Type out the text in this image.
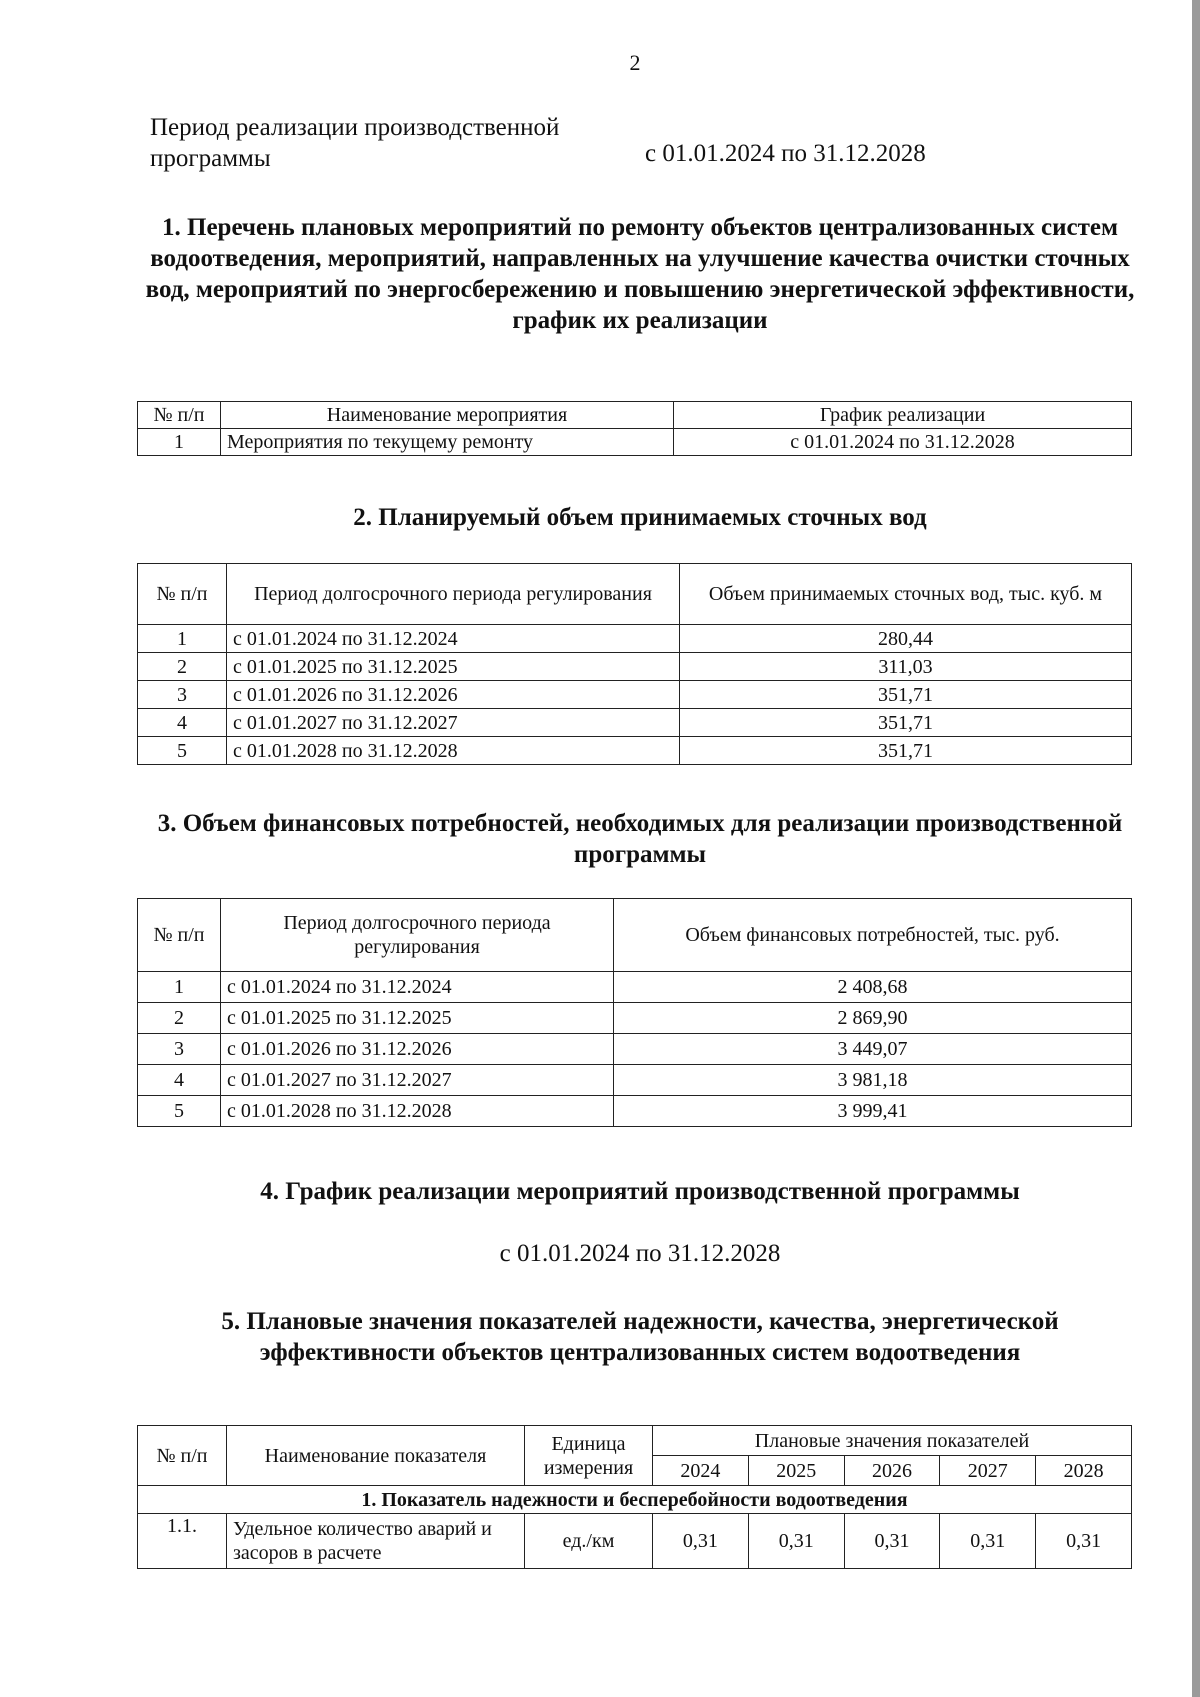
2
Период реализации производственной программы	с 01.01.2024 по 31.12.2028
1. Перечень плановых мероприятий по ремонту объектов централизованных систем водоотведения, мероприятий, направленных на улучшение качества очистки сточных вод, мероприятий по энергосбережению и повышению энергетической эффективности, график их реализации
№ п/п	Наименование мероприятия	График реализации
1	Мероприятия по текущему ремонту	с 01.01.2024 по 31.12.2028
2. Планируемый объем принимаемых сточных вод
№ п/п	Период долгосрочного периода регулирования	Объем принимаемых сточных вод, тыс. куб. м
1	с 01.01.2024 по 31.12.2024	280,44
2	с 01.01.2025 по 31.12.2025	311,03
3	с 01.01.2026 по 31.12.2026	351,71
4	с 01.01.2027 по 31.12.2027	351,71
5	с 01.01.2028 по 31.12.2028	351,71
3. Объем финансовых потребностей, необходимых для реализации производственной программы
№ п/п	Период долгосрочного периода регулирования	Объем финансовых потребностей, тыс. руб.
1	с 01.01.2024 по 31.12.2024	2 408,68
2	с 01.01.2025 по 31.12.2025	2 869,90
3	с 01.01.2026 по 31.12.2026	3 449,07
4	с 01.01.2027 по 31.12.2027	3 981,18
5	с 01.01.2028 по 31.12.2028	3 999,41
4. График реализации мероприятий производственной программы
с 01.01.2024 по 31.12.2028
5. Плановые значения показателей надежности, качества, энергетической эффективности объектов централизованных систем водоотведения
№ п/п	Наименование показателя	Единица измерения	Плановые значения показателей				
			2024	2025	2026	2027	2028
1. Показатель надежности и бесперебойности водоотведения							
1.1.	Удельное количество аварий и засоров в расчете	ед./км	0,31	0,31	0,31	0,31	0,31
